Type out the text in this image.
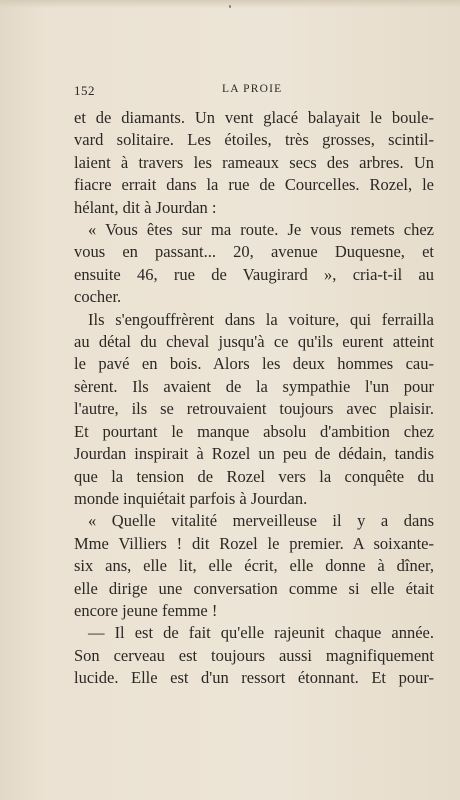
152	LA PROIE
et de diamants. Un vent glacé balayait le boule-
vard solitaire. Les étoiles, très grosses, scintil-
laient à travers les rameaux secs des arbres. Un
fiacre errait dans la rue de Courcelles. Rozel, le
hélant, dit à Jourdan :
« Vous êtes sur ma route. Je vous remets chez
vous en passant... 20, avenue Duquesne, et
ensuite 46, rue de Vaugirard », cria-t-il au
cocher.
Ils s'engouffrèrent dans la voiture, qui ferrailla
au détal du cheval jusqu'à ce qu'ils eurent atteint
le pavé en bois. Alors les deux hommes cau-
sèrent. Ils avaient de la sympathie l'un pour
l'autre, ils se retrouvaient toujours avec plaisir.
Et pourtant le manque absolu d'ambition chez
Jourdan inspirait à Rozel un peu de dédain, tandis
que la tension de Rozel vers la conquête du
monde inquiétait parfois à Jourdan.
« Quelle vitalité merveilleuse il y a dans
Mme Villiers ! dit Rozel le premier. A soixante-
six ans, elle lit, elle écrit, elle donne à dîner,
elle dirige une conversation comme si elle était
encore jeune femme !
— Il est de fait qu'elle rajeunit chaque année.
Son cerveau est toujours aussi magnifiquement
lucide. Elle est d'un ressort étonnant. Et pour-
